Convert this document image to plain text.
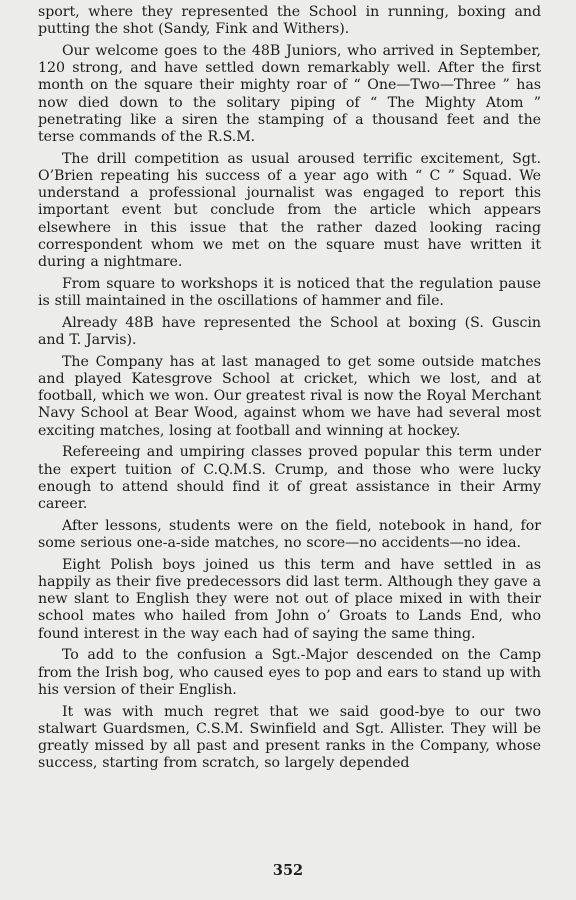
sport, where they represented the School in running, boxing and putting the shot (Sandy, Fink and Withers).

Our welcome goes to the 48B Juniors, who arrived in September, 120 strong, and have settled down remarkably well. After the first month on the square their mighty roar of “ One—Two—Three ” has now died down to the solitary piping of “ The Mighty Atom ” penetrating like a siren the stamping of a thousand feet and the terse commands of the R.S.M.

The drill competition as usual aroused terrific excitement, Sgt. O’Brien repeating his success of a year ago with “ C ” Squad. We understand a professional journalist was engaged to report this important event but conclude from the article which appears elsewhere in this issue that the rather dazed looking racing correspondent whom we met on the square must have written it during a nightmare.

From square to workshops it is noticed that the regulation pause is still maintained in the oscillations of hammer and file.

Already 48B have represented the School at boxing (S. Guscin and T. Jarvis).

The Company has at last managed to get some outside matches and played Katesgrove School at cricket, which we lost, and at football, which we won. Our greatest rival is now the Royal Merchant Navy School at Bear Wood, against whom we have had several most exciting matches, losing at football and winning at hockey.

Refereeing and umpiring classes proved popular this term under the expert tuition of C.Q.M.S. Crump, and those who were lucky enough to attend should find it of great assistance in their Army career.

After lessons, students were on the field, notebook in hand, for some serious one-a-side matches, no score—no accidents—no idea.

Eight Polish boys joined us this term and have settled in as happily as their five predecessors did last term. Although they gave a new slant to English they were not out of place mixed in with their school mates who hailed from John o’ Groats to Lands End, who found interest in the way each had of saying the same thing.

To add to the confusion a Sgt.-Major descended on the Camp from the Irish bog, who caused eyes to pop and ears to stand up with his version of their English.

It was with much regret that we said good-bye to our two stalwart Guardsmen, C.S.M. Swinfield and Sgt. Allister. They will be greatly missed by all past and present ranks in the Company, whose success, starting from scratch, so largely depended

352
